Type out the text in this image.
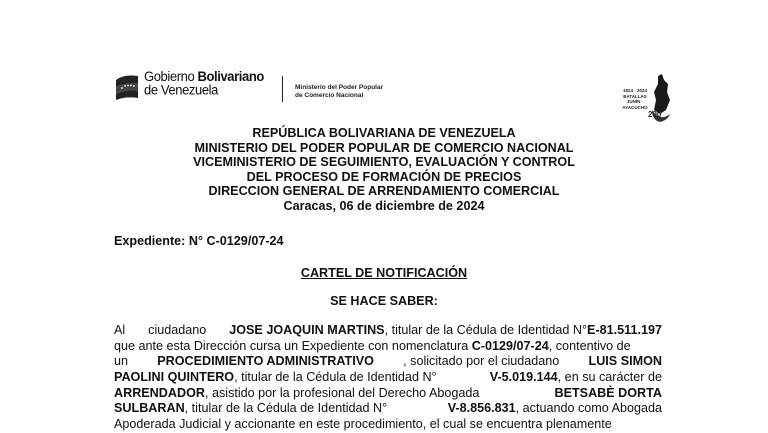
Gobierno Bolivariano
de Venezuela	Ministerio del Poder Popular
de Comercio Nacional
1824 · 2024
BATALLAS
JUNÍN · AYACUCHO
200
REPÚBLICA BOLIVARIANA DE VENEZUELA
MINISTERIO DEL PODER POPULAR DE COMERCIO NACIONAL
VICEMINISTERIO DE SEGUIMIENTO, EVALUACIÓN Y CONTROL
DEL PROCESO DE FORMACIÓN DE PRECIOS
DIRECCION GENERAL DE ARRENDAMIENTO COMERCIAL
Caracas, 06 de diciembre de 2024
Expediente: N° C-0129/07-24
CARTEL DE NOTIFICACIÓN
SE HACE SABER:
Al ciudadano JOSE JOAQUIN MARTINS, titular de la Cédula de Identidad N°E-81.511.197
que ante esta Dirección cursa un Expediente con nomenclatura C-0129/07-24, contentivo de
un PROCEDIMIENTO ADMINISTRATIVO , solicitado por el ciudadano LUIS SIMON
PAOLINI QUINTERO, titular de la Cédula de Identidad N°	V-5.019.144, en su carácter de
ARRENDADOR, asistido por la profesional del Derecho Abogada	BETSABÈ DORTA
SULBARAN, titular de la Cédula de Identidad N°	V-8.856.831, actuando como Abogada
Apoderada Judicial y accionante en este procedimiento, el cual se encuentra plenamente
